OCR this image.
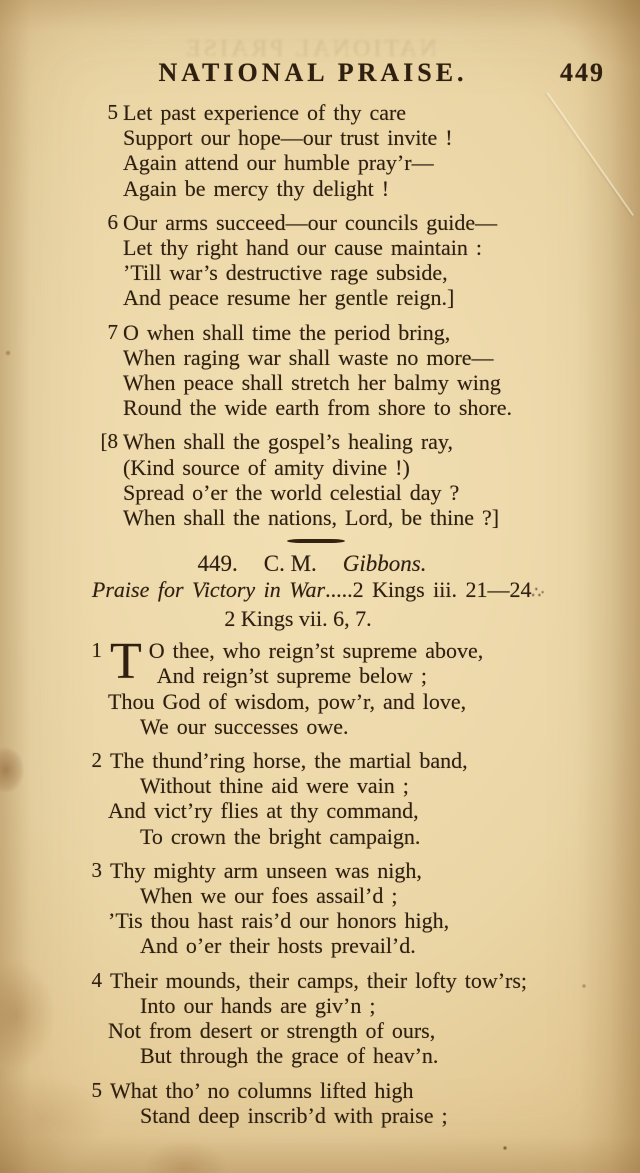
NATIONAL PRAISE
NATIONAL PRAISE.	449
5 Let past experience of thy care
Support our hope—our trust invite !
Again attend our humble pray’r—
Again be mercy thy delight !
6 Our arms succeed—our councils guide—
Let thy right hand our cause maintain :
’Till war’s destructive rage subside,
And peace resume her gentle reign.]
7 O when shall time the period bring,
When raging war shall waste no more—
When peace shall stretch her balmy wing
Round the wide earth from shore to shore.
[8 When shall the gospel’s healing ray,
(Kind source of amity divine !)
Spread o’er the world celestial day ?
When shall the nations, Lord, be thine ?]
449. C. M. Gibbons.
Praise for Victory in War.....2 Kings iii. 21—24∴·
2 Kings vii. 6, 7.
1 T O thee, who reign’st supreme above,
And reign’st supreme below ;
Thou God of wisdom, pow’r, and love,
We our successes owe.
2 The thund’ring horse, the martial band,
Without thine aid were vain ;
And vict’ry flies at thy command,
To crown the bright campaign.
3 Thy mighty arm unseen was nigh,
When we our foes assail’d ;
’Tis thou hast rais’d our honors high,
And o’er their hosts prevail’d.
4 Their mounds, their camps, their lofty tow’rs;
Into our hands are giv’n ;
Not from desert or strength of ours,
But through the grace of heav’n.
5 What tho’ no columns lifted high
Stand deep inscrib’d with praise ;
